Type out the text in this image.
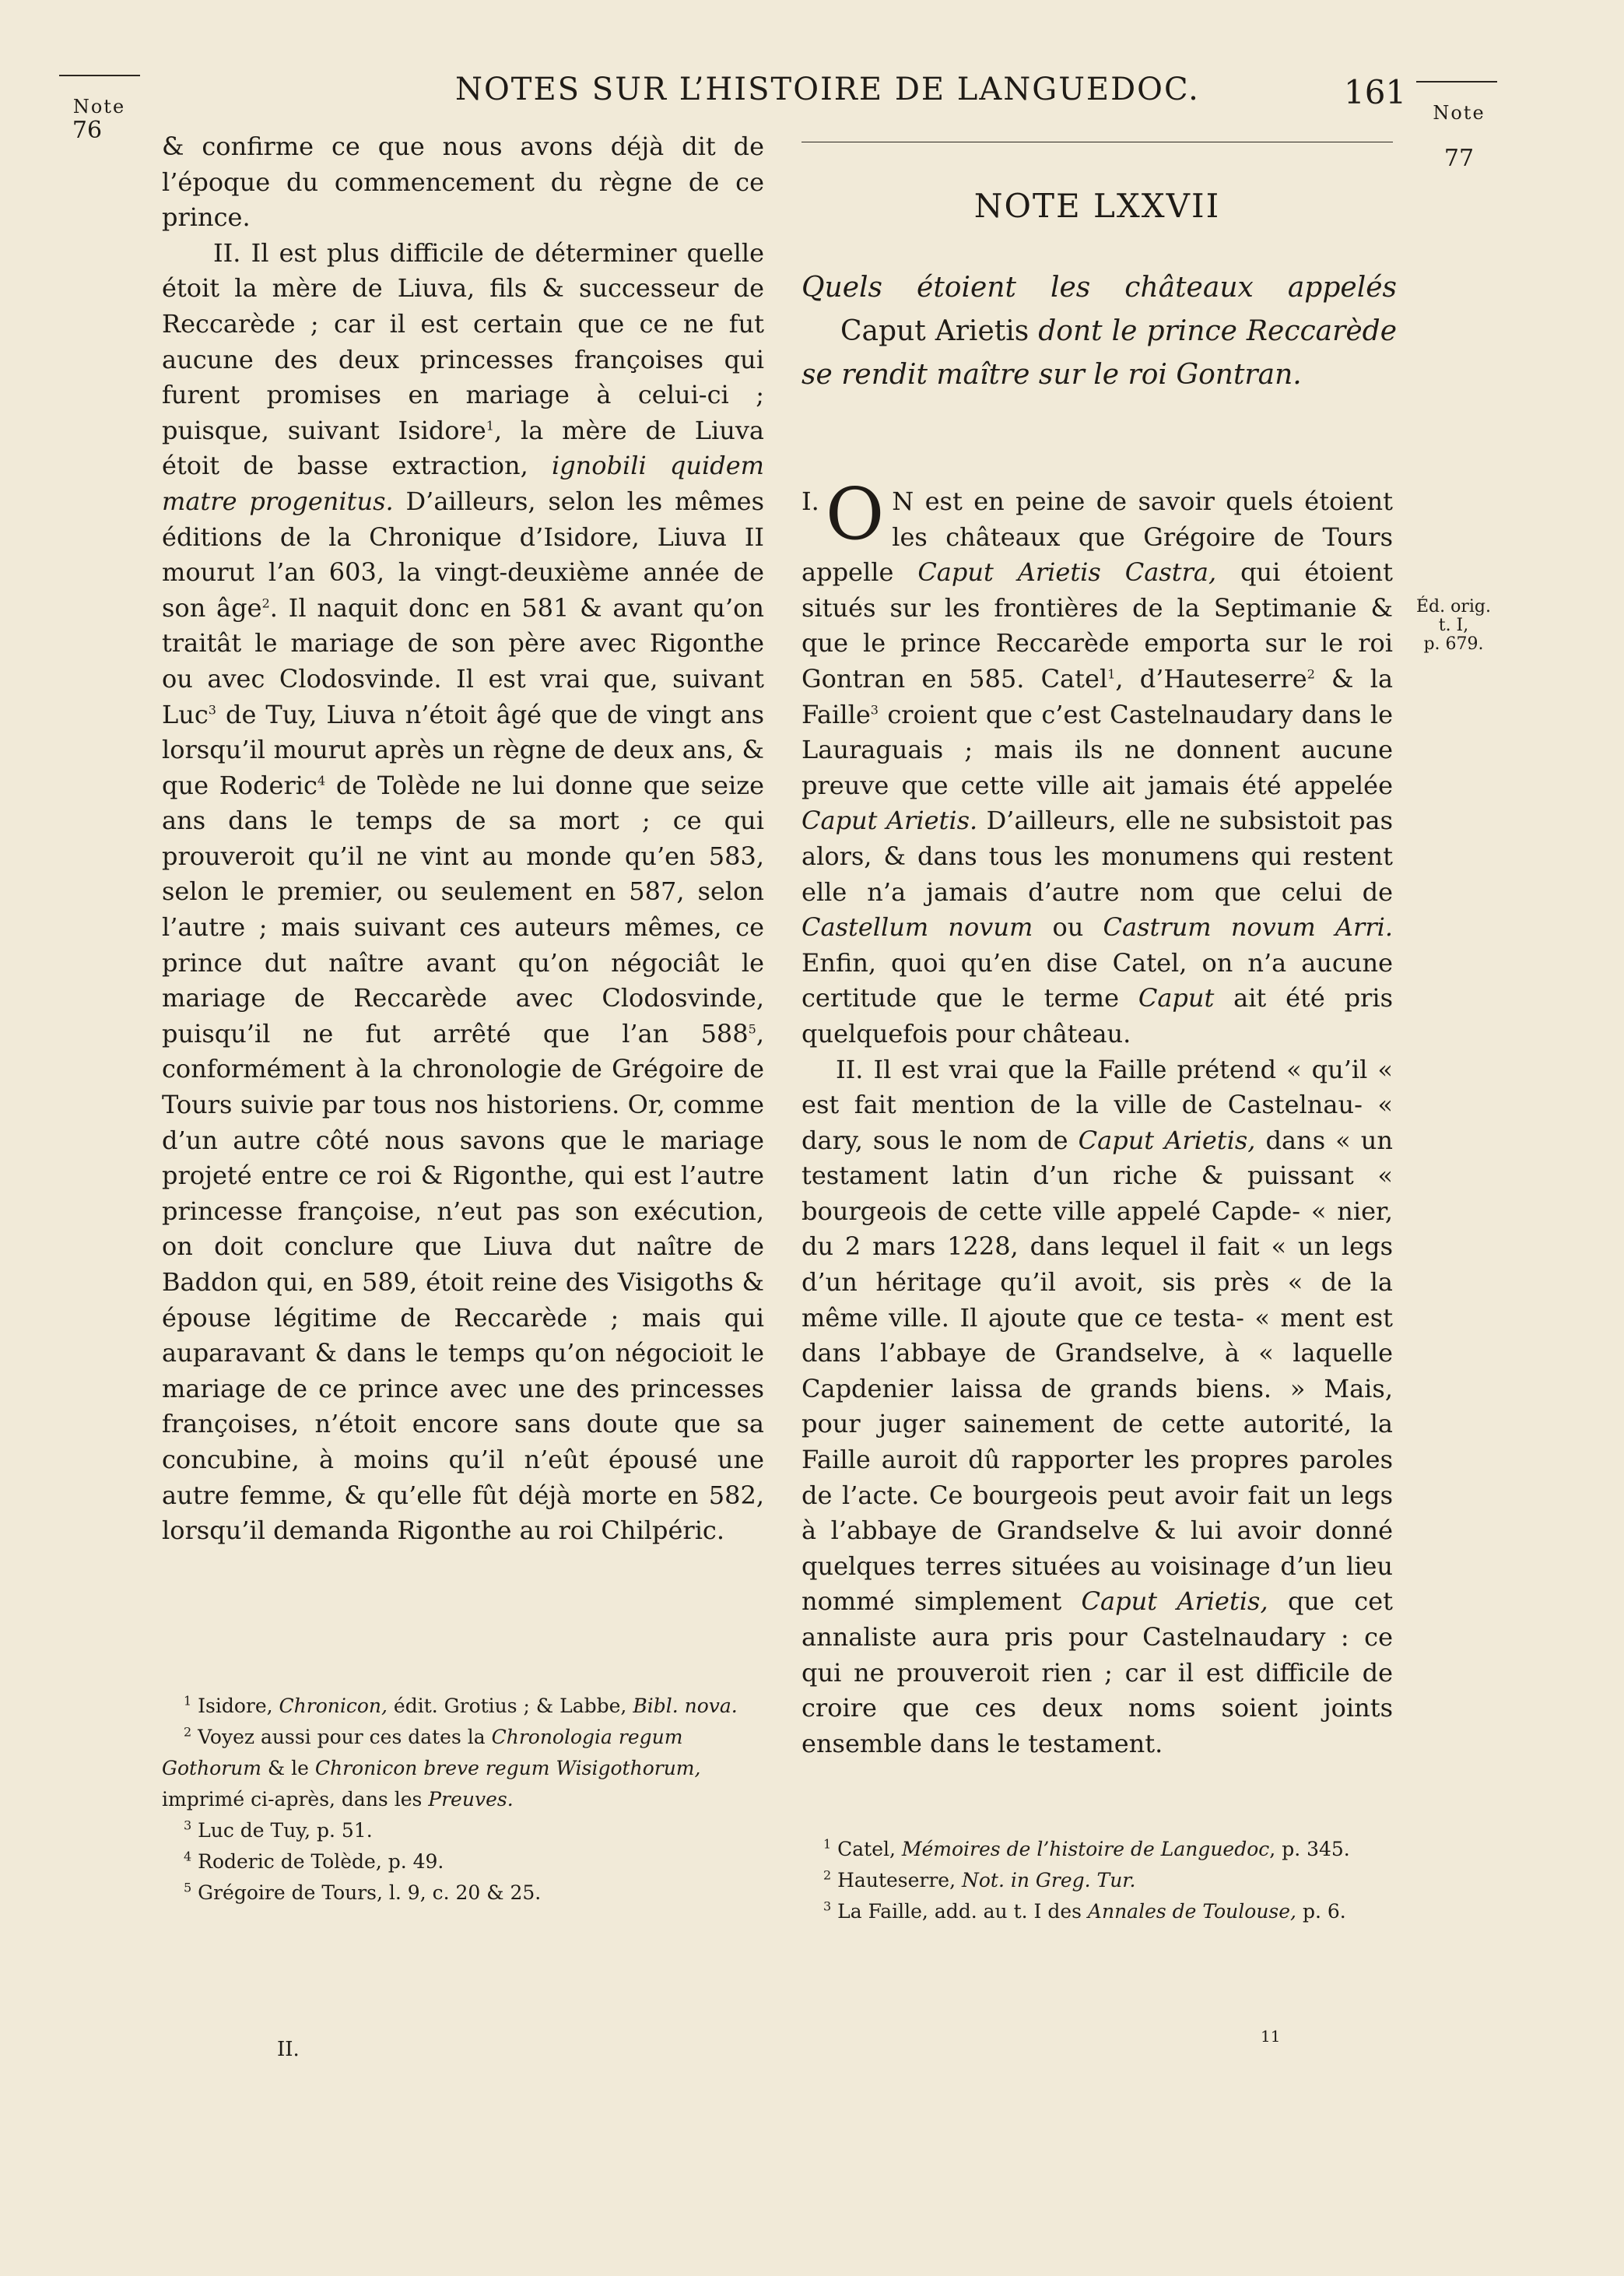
Note
76
NOTES SUR L’HISTOIRE DE LANGUEDOC.	161
Note
77

& confirme ce que nous avons déjà dit de l’époque du commencement du règne de ce prince.

II. Il est plus difficile de déterminer quelle étoit la mère de Liuva, fils & successeur de Reccarède ; car il est certain que ce ne fut aucune des deux princesses françoises qui furent promises en mariage à celui-ci ; puisque, suivant Isidore$^1$, la mère de Liuva étoit de basse extraction, ignobili quidem matre progenitus. D’ailleurs, selon les mêmes éditions de la Chronique d’Isidore, Liuva II mourut l’an 603, la vingt-deuxième année de son âge$^2$. Il naquit donc en 581 & avant qu’on traitât le mariage de son père avec Rigonthe ou avec Clodosvinde. Il est vrai que, suivant Luc$^3$ de Tuy, Liuva n’étoit âgé que de vingt ans lorsqu’il mourut après un règne de deux ans, & que Roderic$^4$ de Tolède ne lui donne que seize ans dans le temps de sa mort ; ce qui prouveroit qu’il ne vint au monde qu’en 583, selon le premier, ou seulement en 587, selon l’autre ; mais suivant ces auteurs mêmes, ce prince dut naître avant qu’on négociât le mariage de Reccarède avec Clodosvinde, puisqu’il ne fut arrêté que l’an $588^5$, conformément à la chronologie de Grégoire de Tours suivie par tous nos historiens. Or, comme d’un autre côté nous savons que le mariage projeté entre ce roi & Rigonthe, qui est l’autre princesse françoise, n’eut pas son exécution, on doit conclure que Liuva dut naître de Baddon qui, en 589, étoit reine des Visigoths & épouse légitime de Reccarède ; mais qui auparavant & dans le temps qu’on négocioit le mariage de ce prince avec une des princesses françoises, n’étoit encore sans doute que sa concubine, à moins qu’il n’eût épousé une autre femme, & qu’elle fût déjà morte en 582, lorsqu’il demanda Rigonthe au roi Chilpéric.

$^1$ Isidore, Chronicon, édit. Grotius ; & Labbe, Bibl. nova.

$^2$ Voyez aussi pour ces dates la Chronologia regum Gothorum & le Chronicon breve regum Wisigothorum, imprimé ci-après, dans les Preuves.

$^3$ Luc de Tuy, p. 51.

$^4$ Roderic de Tolède, p. 49.

$^5$ Grégoire de Tours, l. 9, c. 20 & 25.

II.
NOTE LXXVII
Quels étoient les châteaux appelés Caput Arietis dont le prince Reccarède se rendit maître sur le roi Gontran.

I. O N est en peine de savoir quels étoient les châteaux que Grégoire de Tours appelle Caput Arietis Castra, qui étoient situés sur les frontières de la Septimanie & que le prince Reccarède emporta sur le roi Gontran en 585. Catel$^1$, d’Hauteserre$^2$ & la Faille$^3$ croient que c’est Castelnaudary dans le Lauraguais ; mais ils ne donnent aucune preuve que cette ville ait jamais été appelée Caput Arietis. D’ailleurs, elle ne subsistoit pas alors, & dans tous les monumens qui restent elle n’a jamais d’autre nom que celui de Castellum novum ou Castrum novum Arri. Enfin, quoi qu’en dise Catel, on n’a aucune certitude que le terme Caput ait été pris quelquefois pour château.

II. Il est vrai que la Faille prétend « qu’il « est fait mention de la ville de Castelnau- « dary, sous le nom de Caput Arietis, dans « un testament latin d’un riche & puissant « bourgeois de cette ville appelé Capde- « nier, du 2 mars 1228, dans lequel il fait « un legs d’un héritage qu’il avoit, sis près « de la même ville. Il ajoute que ce testa- « ment est dans l’abbaye de Grandselve, à « laquelle Capdenier laissa de grands biens. » Mais, pour juger sainement de cette autorité, la Faille auroit dû rapporter les propres paroles de l’acte. Ce bourgeois peut avoir fait un legs à l’abbaye de Grandselve & lui avoir donné quelques terres situées au voisinage d’un lieu nommé simplement Caput Arietis, que cet annaliste aura pris pour Castelnaudary : ce qui ne prouveroit rien ; car il est difficile de croire que ces deux noms soient joints ensemble dans le testament.

Éd. orig.
t. I,
p. 679.

$^1$ Catel, Mémoires de l’histoire de Languedoc, p. 345.

$^2$ Hauteserre, Not. in Greg. Tur.

$^3$ La Faille, add. au t. I des Annales de Toulouse, p. 6.

11
